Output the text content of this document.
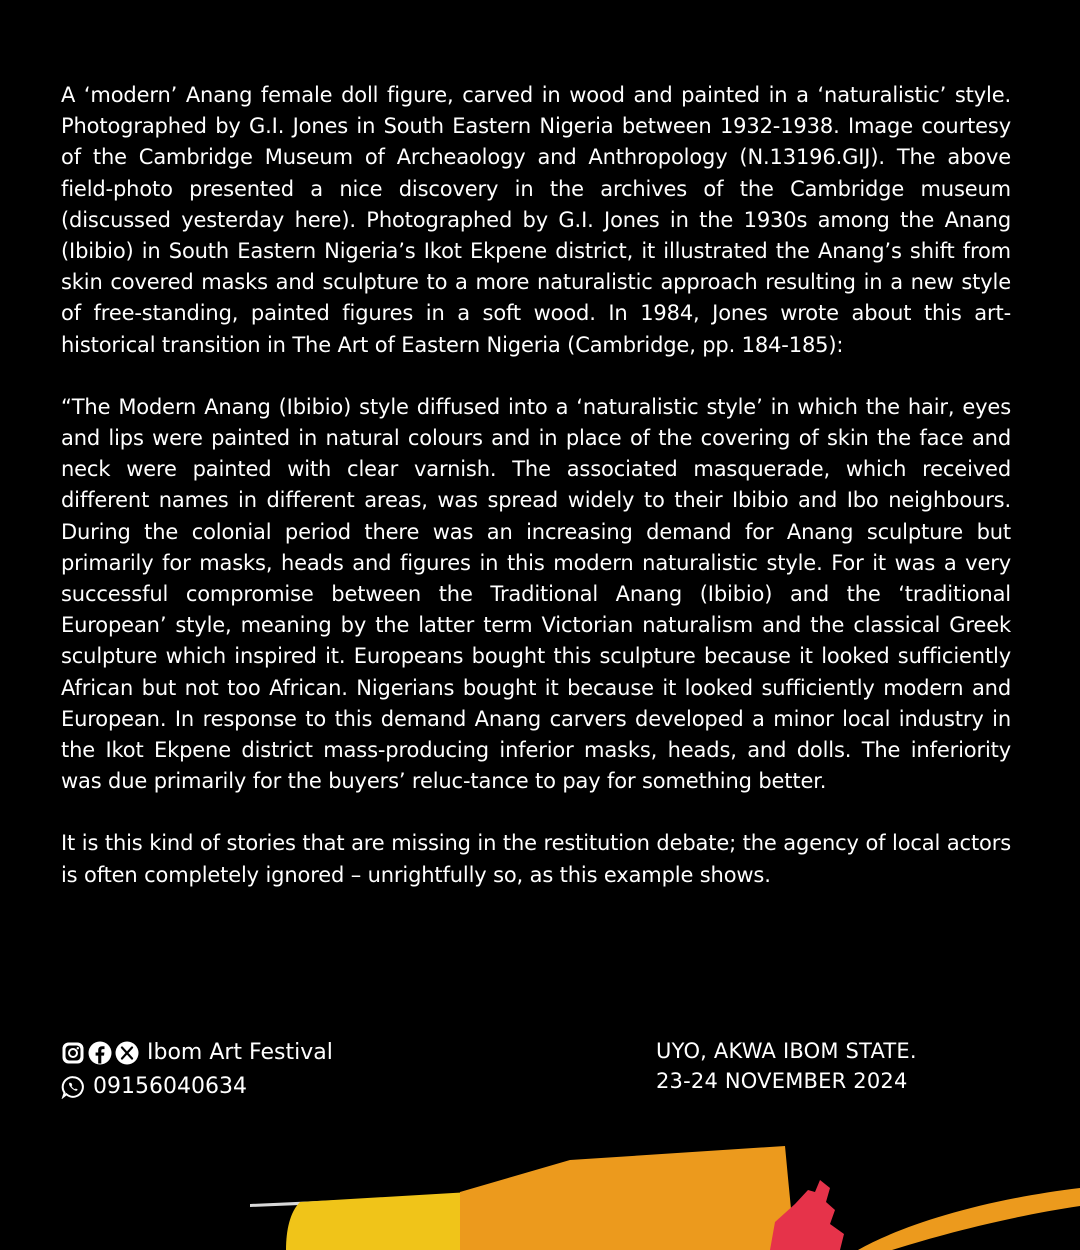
A ‘modern’ Anang female doll figure, carved in wood and painted in a ‘naturalistic’ style. Photographed by G.I. Jones in South Eastern Nigeria between 1932-1938. Image courtesy of the Cambridge Museum of Archeaology and Anthropology (N.13196.GIJ). The above field-photo presented a nice discovery in the archives of the Cambridge museum (discussed yesterday here). Photographed by G.I. Jones in the 1930s among the Anang (Ibibio) in South Eastern Nigeria’s Ikot Ekpene district, it illustrated the Anang’s shift from skin covered masks and sculpture to a more naturalistic approach resulting in a new style of free-standing, painted figures in a soft wood. In 1984, Jones wrote about this art-historical transition in The Art of Eastern Nigeria (Cambridge, pp. 184-185):

“The Modern Anang (Ibibio) style diffused into a ‘naturalistic style’ in which the hair, eyes and lips were painted in natural colours and in place of the covering of skin the face and neck were painted with clear varnish. The associated masquerade, which received different names in different areas, was spread widely to their Ibibio and Ibo neighbours. During the colonial period there was an increasing demand for Anang sculpture but primarily for masks, heads and figures in this modern naturalistic style. For it was a very successful compromise between the Traditional Anang (Ibibio) and the ‘traditional European’ style, meaning by the latter term Victorian naturalism and the classical Greek sculpture which inspired it. Europeans bought this sculpture because it looked sufficiently African but not too African. Nigerians bought it because it looked sufficiently modern and European. In response to this demand Anang carvers developed a minor local industry in the Ikot Ekpene district mass-producing inferior masks, heads, and dolls. The inferiority was due primarily for the buyers’ reluc-tance to pay for something better.

It is this kind of stories that are missing in the restitution debate; the agency of local actors is often completely ignored – unrightfully so, as this example shows.

Ibom Art Festival
09156040634
UYO, AKWA IBOM STATE.
23-24 NOVEMBER 2024
